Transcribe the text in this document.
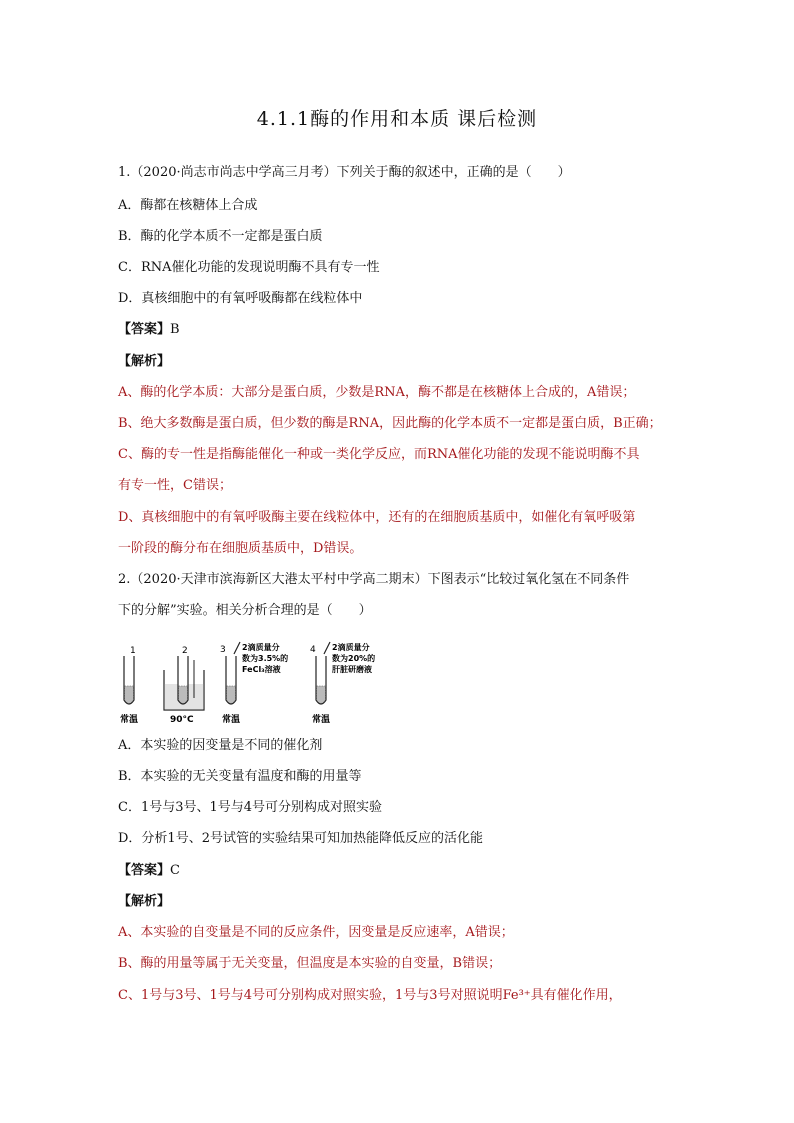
4.1.1酶的作用和本质 课后检测
1.（2020·尚志市尚志中学高三月考）下列关于酶的叙述中，正确的是（　　）
A．酶都在核糖体上合成
B．酶的化学本质不一定都是蛋白质
C．RNA催化功能的发现说明酶不具有专一性
D．真核细胞中的有氧呼吸酶都在线粒体中
【答案】B
【解析】
A、酶的化学本质：大部分是蛋白质，少数是RNA，酶不都是在核糖体上合成的，A错误；
B、绝大多数酶是蛋白质，但少数的酶是RNA，因此酶的化学本质不一定都是蛋白质，B正确；
C、酶的专一性是指酶能催化一种或一类化学反应，而RNA催化功能的发现不能说明酶不具
有专一性，C错误；
D、真核细胞中的有氧呼吸酶主要在线粒体中，还有的在细胞质基质中，如催化有氧呼吸第
一阶段的酶分布在细胞质基质中，D错误。
2.（2020·天津市滨海新区大港太平村中学高二期末）下图表示“比较过氧化氢在不同条件
下的分解”实验。相关分析合理的是（　　）
1
常温
2
90°C
3 2滴质量分
数为3.5%的
FeCl₃溶液
常温
4 2滴质量分
数为20%的
肝脏研磨液
常温
A．本实验的因变量是不同的催化剂
B．本实验的无关变量有温度和酶的用量等
C．1号与3号、1号与4号可分别构成对照实验
D．分析1号、2号试管的实验结果可知加热能降低反应的活化能
【答案】C
【解析】
A、本实验的自变量是不同的反应条件，因变量是反应速率，A错误；
B、酶的用量等属于无关变量，但温度是本实验的自变量，B错误；
C、1号与3号、1号与4号可分别构成对照实验，1号与3号对照说明Fe³⁺具有催化作用，
